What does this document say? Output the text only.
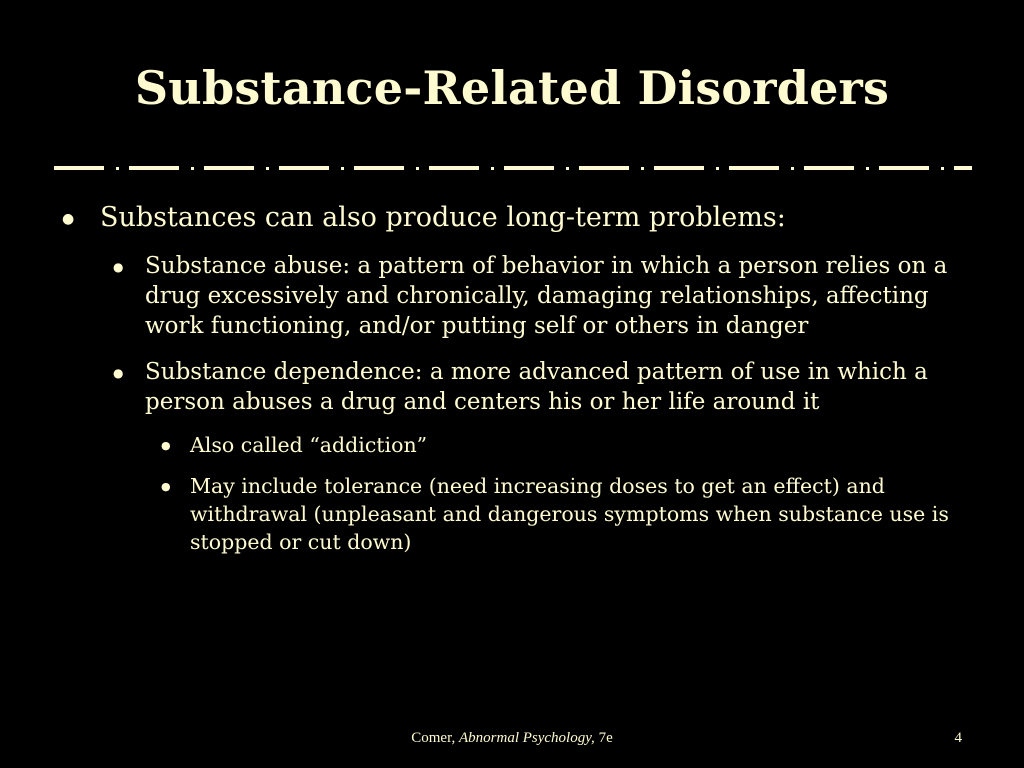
Substance-Related Disorders

● Substances can also produce long-term problems:

● Substance abuse: a pattern of behavior in which a person relies on a drug excessively and chronically, damaging relationships, affecting work functioning, and/or putting self or others in danger

● Substance dependence: a more advanced pattern of use in which a person abuses a drug and centers his or her life around it

● Also called “addiction”

● May include tolerance (need increasing doses to get an effect) and withdrawal (unpleasant and dangerous symptoms when substance use is stopped or cut down)

Comer, Abnormal Psychology, 7e	4
